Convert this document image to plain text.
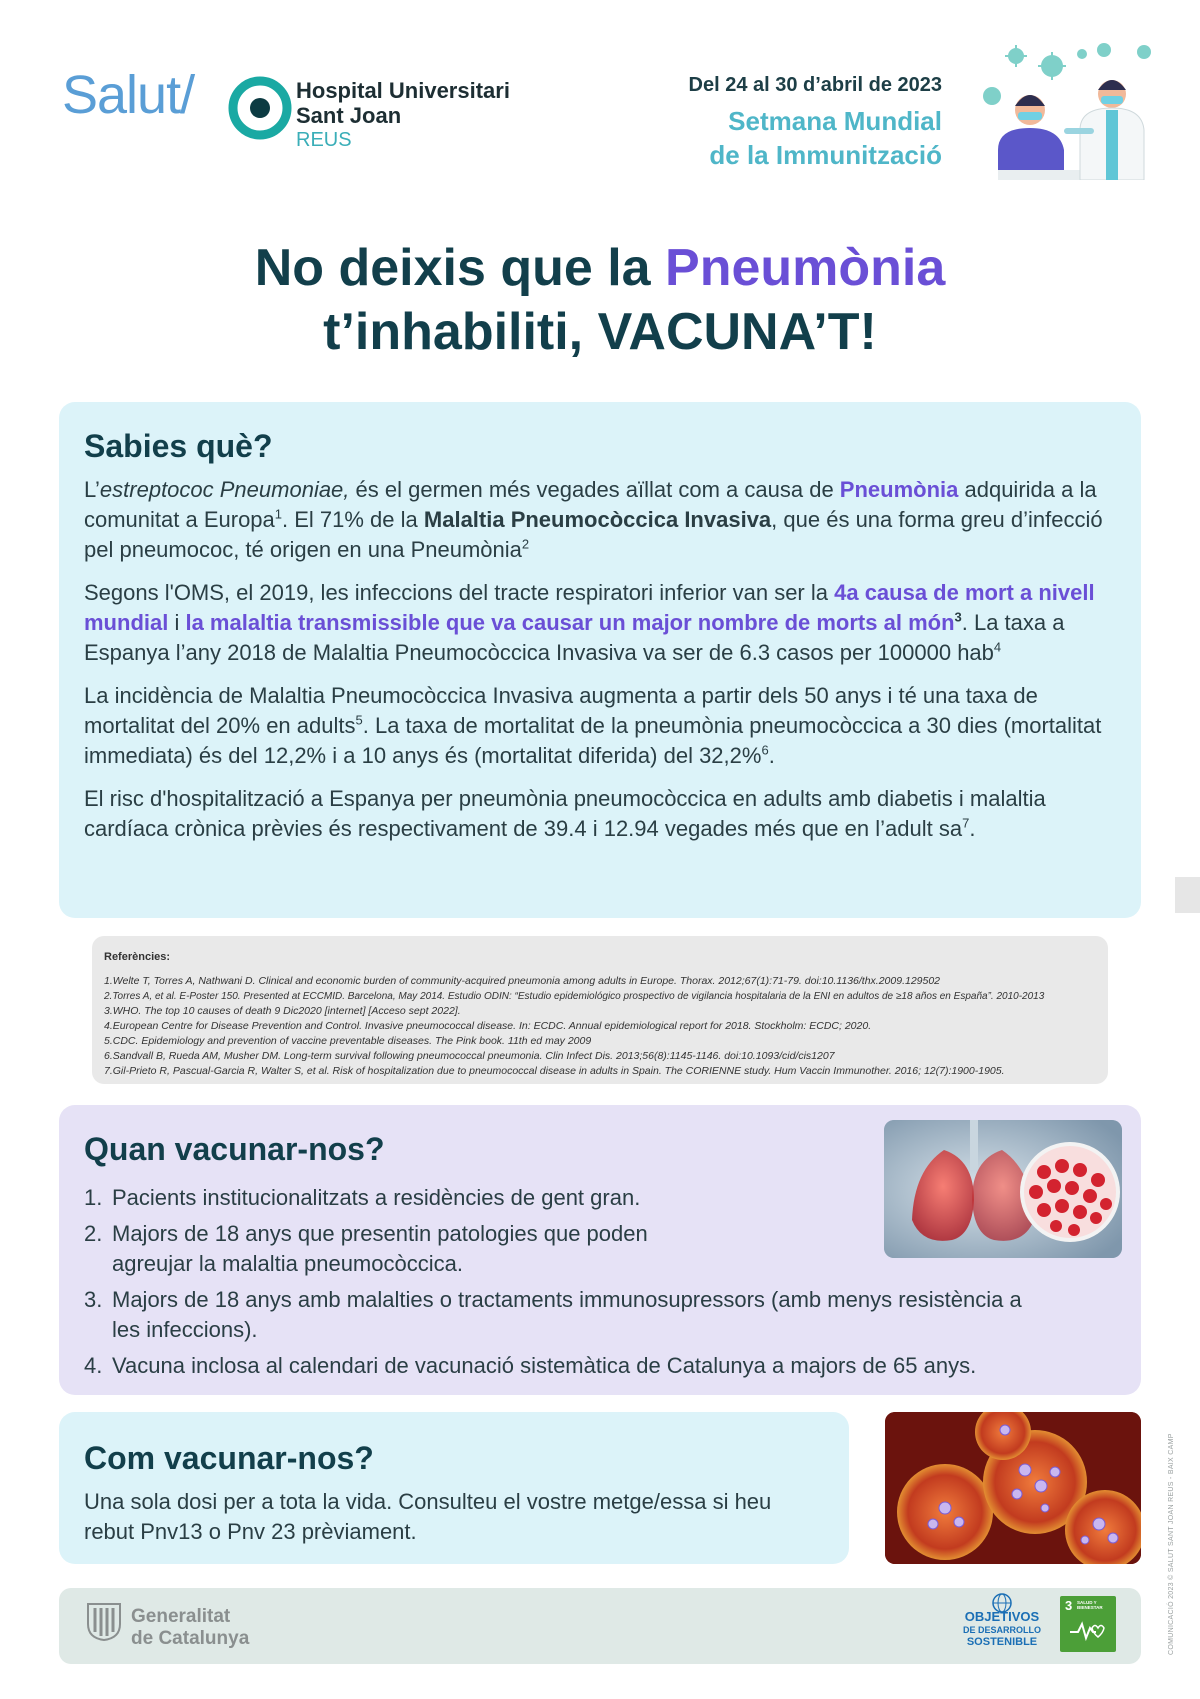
Salut/	Hospital Universitari
Sant Joan
REUS
Del 24 al 30 d’abril de 2023
Setmana Mundial
de la Immunització
No deixis que la Pneumònia
t’inhabiliti, VACUNA’T!
Sabies què?

L’estreptococ Pneumoniae, és el germen més vegades aïllat com a causa de Pneumònia adquirida a la comunitat a Europa$^1$. El 71% de la Malaltia Pneumocòccica Invasiva, que és una forma greu d’infecció pel pneumococ, té origen en una Pneumònia$^2$

Segons l'OMS, el 2019, les infeccions del tracte respiratori inferior van ser la 4a causa de mort a nivell mundial i la malaltia transmissible que va causar un major nombre de morts al món$^3$. La taxa a Espanya l’any 2018 de Malaltia Pneumocòccica Invasiva va ser de 6.3 casos per 100000 hab$^4$

La incidència de Malaltia Pneumocòccica Invasiva augmenta a partir dels 50 anys i té una taxa de mortalitat del 20% en adults$^5$. La taxa de mortalitat de la pneumònia pneumocòccica a 30 dies (mortalitat immediata) és del 12,2% i a 10 anys és (mortalitat diferida) del 32,2%$^6$.

El risc d'hospitalització a Espanya per pneumònia pneumocòccica en adults amb diabetis i malaltia cardíaca crònica prèvies és respectivament de 39.4 i 12.94 vegades més que en l’adult $sa^7$.

Referències:
1.Welte T, Torres A, Nathwani D. Clinical and economic burden of community-acquired pneumonia among adults in Europe. Thorax. 2012;67(1):71-79. doi:10.1136/thx.2009.129502
2.Torres A, et al. E-Poster 150. Presented at ECCMID. Barcelona, May 2014. Estudio ODIN: “Estudio epidemiológico prospectivo de vigilancia hospitalaria de la ENI en adultos de ≥18 años en España”. 2010-2013
3.WHO. The top 10 causes of death 9 Dic2020 [internet] [Acceso sept 2022].
4.European Centre for Disease Prevention and Control. Invasive pneumococcal disease. In: ECDC. Annual epidemiological report for 2018. Stockholm: ECDC; 2020.
5.CDC. Epidemiology and prevention of vaccine preventable diseases. The Pink book. 11th ed may 2009
6.Sandvall B, Rueda AM, Musher DM. Long-term survival following pneumococcal pneumonia. Clin Infect Dis. 2013;56(8):1145-1146. doi:10.1093/cid/cis1207
7.Gil-Prieto R, Pascual-Garcia R, Walter S, et al. Risk of hospitalization due to pneumococcal disease in adults in Spain. The CORIENNE study. Hum Vaccin Immunother. 2016; 12(7):1900-1905.
Quan vacunar-nos?
1. Pacients institucionalitzats a residències de gent gran.
2. Majors de 18 anys que presentin patologies que poden agreujar la malaltia pneumocòccica.
3. Majors de 18 anys amb malalties o tractaments immunosupressors (amb menys resistència a les infeccions).
4. Vacuna inclosa al calendari de vacunació sistemàtica de Catalunya a majors de 65 anys.
Com vacunar-nos?
Una sola dosi per a tota la vida. Consulteu el vostre metge/essa si heu rebut Pnv13 o Pnv 23 prèviament.
Generalitat
de Catalunya
OBJETIVOS
DE DESARROLLO
SOSTENIBLE
3 SALUD Y BIENESTAR	COMUNICACIÓ 2023 © SALUT SANT JOAN REUS - BAIX CAMP
